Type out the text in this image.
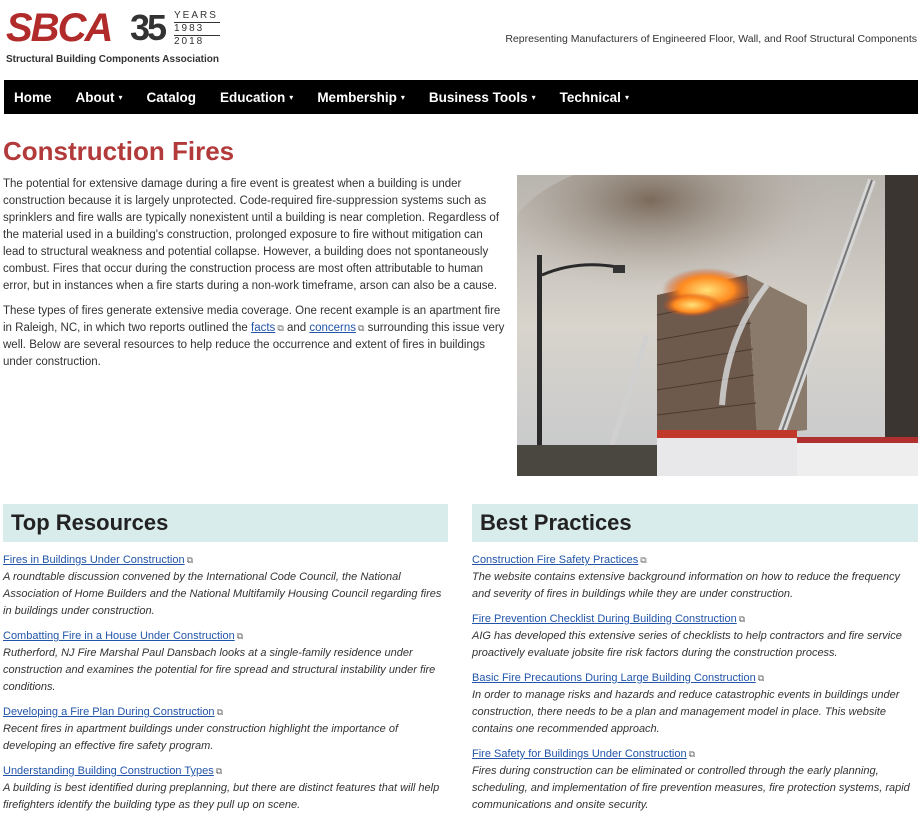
SBCA 35 YEARS
1983
2018
Structural Building Components Association
Representing Manufacturers of Engineered Floor, Wall, and Roof Structural Components
Home About ▾ Catalog Education ▾ Membership ▾ Business Tools ▾ Technical ▾
Construction Fires

The potential for extensive damage during a fire event is greatest when a building is under construction because it is largely unprotected. Code-required fire-suppression systems such as sprinklers and fire walls are typically nonexistent until a building is near completion. Regardless of the material used in a building's construction, prolonged exposure to fire without mitigation can lead to structural weakness and potential collapse. However, a building does not spontaneously combust. Fires that occur during the construction process are most often attributable to human error, but in instances when a fire starts during a non-work timeframe, arson can also be a cause.

These types of fires generate extensive media coverage. One recent example is an apartment fire in Raleigh, NC, in which two reports outlined the facts ⧉ and concerns ⧉ surrounding this issue very well. Below are several resources to help reduce the occurrence and extent of fires in buildings under construction.

Top Resources
Fires in Buildings Under Construction ⧉

A roundtable discussion convened by the International Code Council, the National Association of Home Builders and the National Multifamily Housing Council regarding fires in buildings under construction.

Combatting Fire in a House Under Construction ⧉

Rutherford, NJ Fire Marshal Paul Dansbach looks at a single-family residence under construction and examines the potential for fire spread and structural instability under fire conditions.

Developing a Fire Plan During Construction ⧉

Recent fires in apartment buildings under construction highlight the importance of developing an effective fire safety program.

Understanding Building Construction Types ⧉

A building is best identified during preplanning, but there are distinct features that will help firefighters identify the building type as they pull up on scene.

Best Practices
Construction Fire Safety Practices ⧉

The website contains extensive background information on how to reduce the frequency and severity of fires in buildings while they are under construction.

Fire Prevention Checklist During Building Construction ⧉

AIG has developed this extensive series of checklists to help contractors and fire service proactively evaluate jobsite fire risk factors during the construction process.

Basic Fire Precautions During Large Building Construction ⧉

In order to manage risks and hazards and reduce catastrophic events in buildings under construction, there needs to be a plan and management model in place. This website contains one recommended approach.

Fire Safety for Buildings Under Construction ⧉

Fires during construction can be eliminated or controlled through the early planning, scheduling, and implementation of fire prevention measures, fire protection systems, rapid communications and onsite security.
